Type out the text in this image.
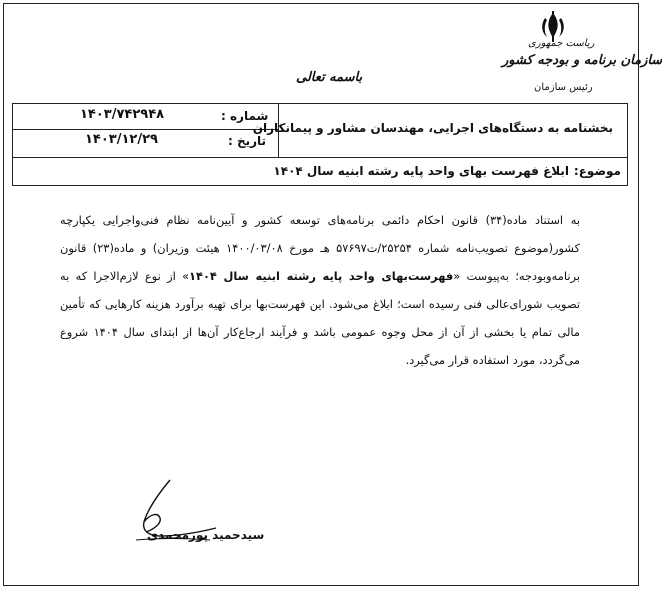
ریاست جمهوری
سازمان برنامه و بودجه کشور
رئیس سازمان
باسمه تعالی
بخشنامه به دستگاه‌های اجرایی، مهندسان مشاور و پیمانکاران
شماره :
۱۴۰۳/۷۴۲۹۴۸
تاریخ :
۱۴۰۳/۱۲/۲۹
موضوع:
ابلاغ فهرست بهای واحد پایه رشته ابنیه سال ۱۴۰۴

به استناد ماده(۳۴) قانون احکام دائمی برنامه‌های توسعه کشور و آیین‌نامه نظام فنی‌واجرایی یکپارچه کشور(موضوع تصویب‌نامه شماره ۲۵۲۵۴/ت۵۷۶۹۷ هـ مورخ ۱۴۰۰/۰۳/۰۸ هیئت وزیران) و ماده(۲۳) قانون برنامه‌وبودجه؛ به‌پیوست «فهرست‌بهای واحد پایه رشته ابنیه سال ۱۴۰۴» از نوع لازم‌الاجرا که به تصویب شورای‌عالی فنی رسیده است؛ ابلاغ می‌شود. این فهرست‌بها برای تهیه برآورد هزینه کارهایی که تأمین مالی تمام یا بخشی از آن از محل وجوه عمومی باشد و فرآیند ارجاع‌کار آن‌ها از ابتدای سال ۱۴۰۴ شروع می‌گردد، مورد استفاده قرار می‌گیرد.

سیدحمید پورمحمدی
